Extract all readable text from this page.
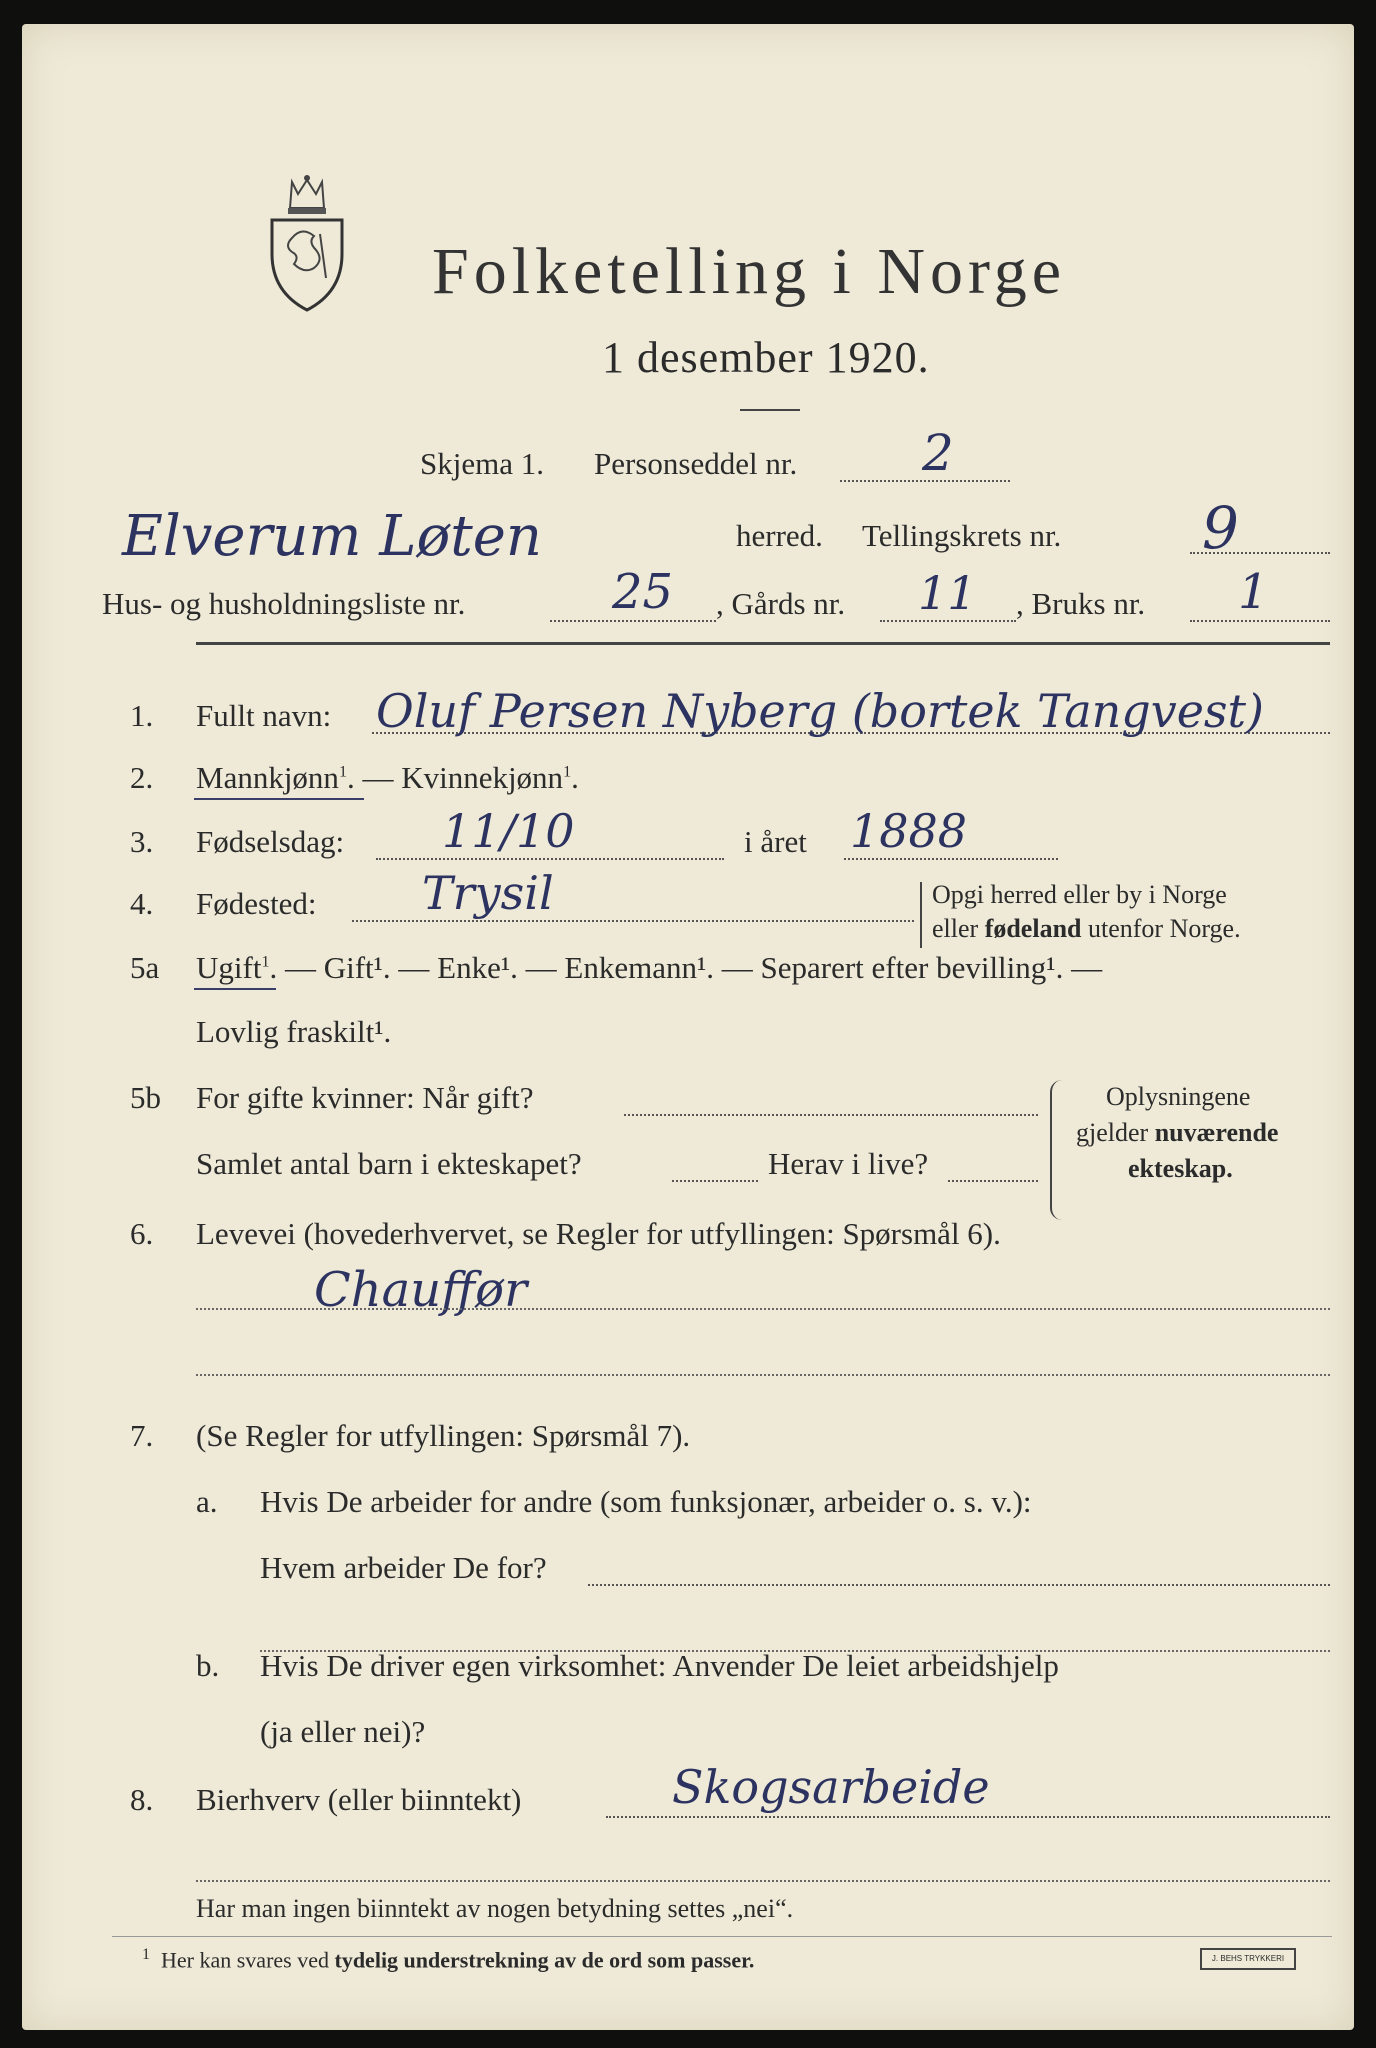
Folketelling i Norge
1 desember 1920.
Skjema 1. Personseddel nr. 2
Elverum Løten	herred. Tellingskrets nr. 9
Hus- og husholdningsliste nr.	25 , Gårds nr. 11 , Bruks nr. 1
1. Fullt navn: Oluf Persen Nyberg (bortek Tangvest)
2. Mannkjønn$^1$. — Kvinnekjønn$^1$.
3. Fødselsdag: 11/10	i året 1888
4. Fødested: Trysil	Opgi herred eller by i Norge
eller fødeland utenfor Norge.
5a Ugift$^1$. — Gift¹. — Enke¹. — Enkemann¹. — Separert efter bevilling¹. —
Lovlig fraskilt¹.
5b For gifte kvinner: Når gift?
Samlet antal barn i ekteskapet?	Herav i live?
Oplysningene
gjelder nuværende
ekteskap.
6. Levevei (hovederhvervet, se Regler for utfyllingen: Spørsmål 6).
Chauffør
7. (Se Regler for utfyllingen: Spørsmål 7).
a. Hvis De arbeider for andre (som funksjonær, arbeider o. s. v.):
Hvem arbeider De for?
b. Hvis De driver egen virksomhet: Anvender De leiet arbeidshjelp
(ja eller nei)?
8. Bierhverv (eller biinntekt)	Skogsarbeide
Har man ingen biinntekt av nogen betydning settes „nei“.
$^1$ Her kan svares ved tydelig understrekning av de ord som passer.	J. BEHS TRYKKERI
